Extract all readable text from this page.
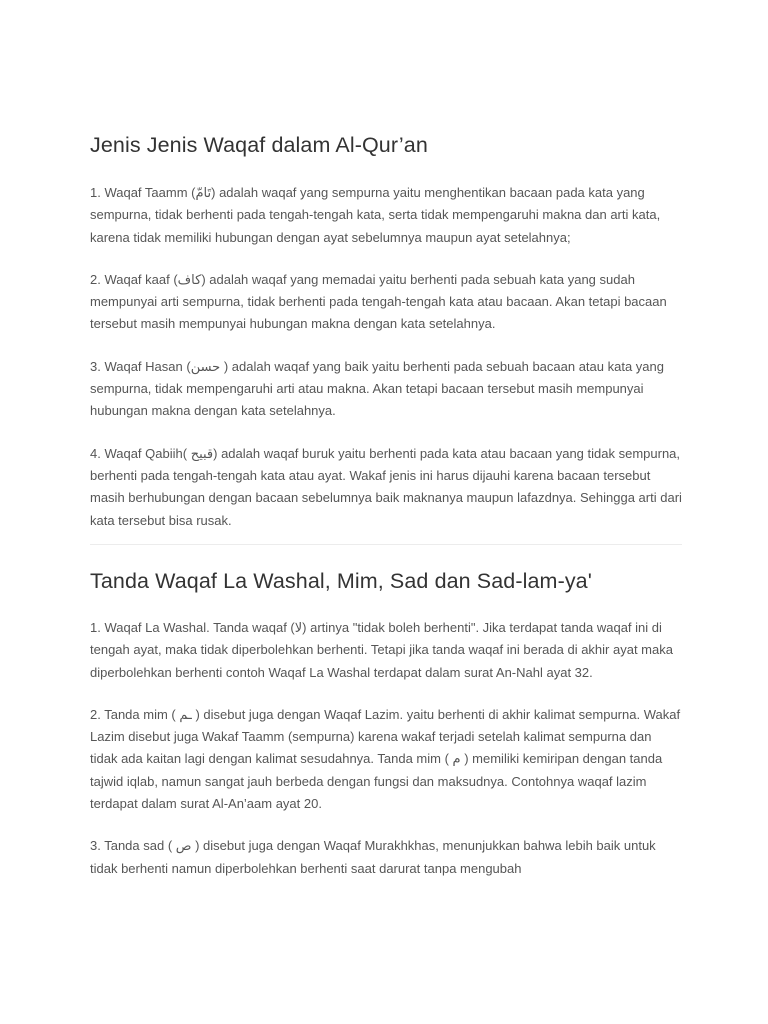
Jenis Jenis Waqaf dalam Al-Qur’an

1. Waqaf Taamm (تَامّ) adalah waqaf yang sempurna yaitu menghentikan bacaan pada kata yang sempurna, tidak berhenti pada tengah-tengah kata, serta tidak mempengaruhi makna dan arti kata, karena tidak memiliki hubungan dengan ayat sebelumnya maupun ayat setelahnya;

2. Waqaf kaaf (كاف) adalah waqaf yang memadai yaitu berhenti pada sebuah kata yang sudah mempunyai arti sempurna, tidak berhenti pada tengah-tengah kata atau bacaan. Akan tetapi bacaan tersebut masih mempunyai hubungan makna dengan kata setelahnya.

3. Waqaf Hasan (حسن ) adalah waqaf yang baik yaitu berhenti pada sebuah bacaan atau kata yang sempurna, tidak mempengaruhi arti atau makna. Akan tetapi bacaan tersebut masih mempunyai hubungan makna dengan kata setelahnya.

4. Waqaf Qabiih( قبيح) adalah waqaf buruk yaitu berhenti pada kata atau bacaan yang tidak sempurna, berhenti pada tengah-tengah kata atau ayat. Wakaf jenis ini harus dijauhi karena bacaan tersebut masih berhubungan dengan bacaan sebelumnya baik maknanya maupun lafazdnya. Sehingga arti dari kata tersebut bisa rusak.

Tanda Waqaf La Washal, Mim, Sad dan Sad-lam-ya'

1. Waqaf La Washal. Tanda waqaf (لا) artinya "tidak boleh berhenti". Jika terdapat tanda waqaf ini di tengah ayat, maka tidak diperbolehkan berhenti. Tetapi jika tanda waqaf ini berada di akhir ayat maka diperbolehkan berhenti contoh Waqaf La Washal terdapat dalam surat An-Nahl ayat 32.

2. Tanda mim ( ـم ) disebut juga dengan Waqaf Lazim. yaitu berhenti di akhir kalimat sempurna. Wakaf Lazim disebut juga Wakaf Taamm (sempurna) karena wakaf terjadi setelah kalimat sempurna dan tidak ada kaitan lagi dengan kalimat sesudahnya. Tanda mim ( م ) memiliki kemiripan dengan tanda tajwid iqlab, namun sangat jauh berbeda dengan fungsi dan maksudnya. Contohnya waqaf lazim terdapat dalam surat Al-An’aam ayat 20.

3. Tanda sad ( ص ) disebut juga dengan Waqaf Murakhkhas, menunjukkan bahwa lebih baik untuk tidak berhenti namun diperbolehkan berhenti saat darurat tanpa mengubah
